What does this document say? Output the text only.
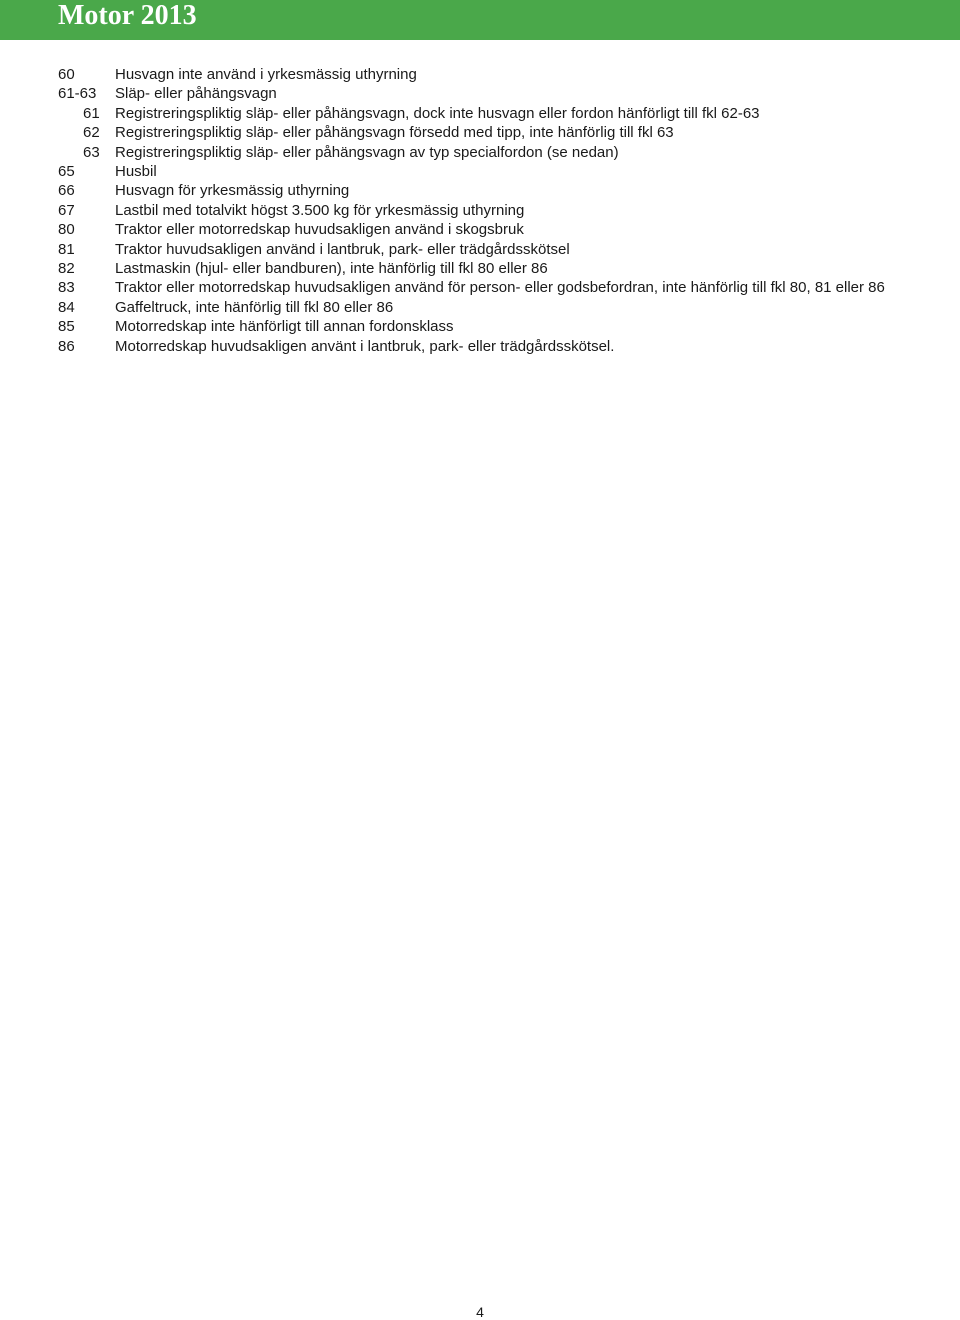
Motor 2013
60	Husvagn inte använd i yrkesmässig uthyrning
61-63	Släp- eller påhängsvagn
61	Registreringspliktig släp- eller påhängsvagn, dock inte husvagn eller fordon hänförligt till fkl 62-63
62	Registreringspliktig släp- eller påhängsvagn försedd med tipp, inte hänförlig till fkl 63
63	Registreringspliktig släp- eller påhängsvagn av typ specialfordon (se nedan)
65	Husbil
66	Husvagn för yrkesmässig uthyrning
67	Lastbil med totalvikt högst 3.500 kg för yrkesmässig uthyrning
80	Traktor eller motorredskap huvudsakligen använd i skogsbruk
81	Traktor huvudsakligen använd i lantbruk, park- eller trädgårdsskötsel
82	Lastmaskin (hjul- eller bandburen), inte hänförlig till fkl 80 eller 86
83	Traktor eller motorredskap huvudsakligen använd för person- eller godsbefordran, inte hänförlig till fkl 80, 81 eller 86
84	Gaffeltruck, inte hänförlig till fkl 80 eller 86
85	Motorredskap inte hänförligt till annan fordonsklass
86	Motorredskap huvudsakligen använt i lantbruk, park- eller trädgårdsskötsel.
4
